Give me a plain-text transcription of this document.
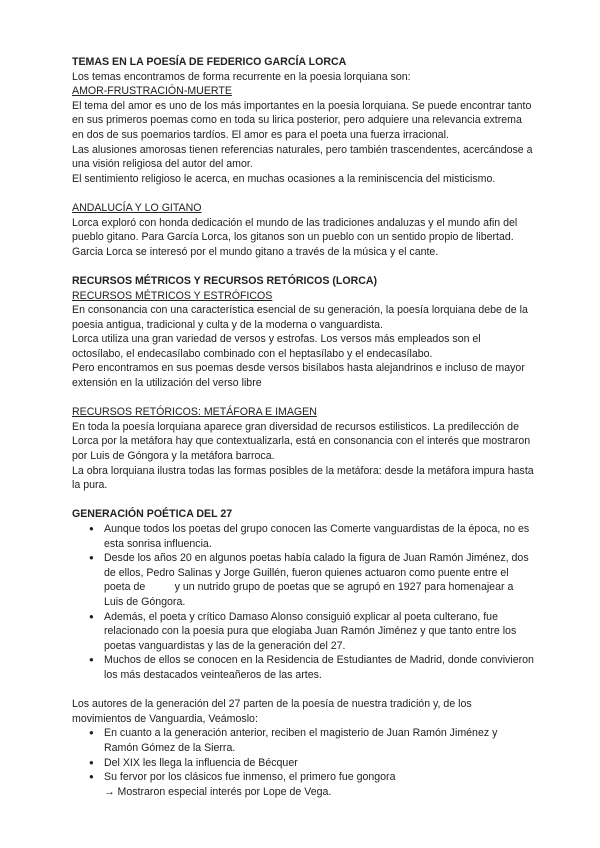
TEMAS EN LA POESÍA DE FEDERICO GARCÍA LORCA

Los temas encontramos de forma recurrente en la poesia lorquiana son:

AMOR-FRUSTRACIÓN-MUERTE

El tema del amor es uno de los más importantes en la poesia lorquiana. Se puede encontrar tanto en sus primeros poemas como en toda su lirica posterior, pero adquiere una relevancia extrema en dos de sus poemarios tardíos. El amor es para el poeta una fuerza irracional.

Las alusiones amorosas tienen referencias naturales, pero también trascendentes, acercándose a una visión religiosa del autor del amor.

El sentimiento religioso le acerca, en muchas ocasiones a la reminiscencia del misticismo.

ANDALUCÍA Y LO GITANO

Lorca exploró con honda dedicación el mundo de las tradiciones andaluzas y el mundo afin del pueblo gitano. Para García Lorca, los gitanos son un pueblo con un sentido propio de libertad. Garcia Lorca se interesó por el mundo gitano a través de la música y el cante.

RECURSOS MÉTRICOS Y RECURSOS RETÓRICOS (LORCA)

RECURSOS MÉTRICOS Y ESTRÓFICOS

En consonancia con una característica esencial de su generación, la poesía lorquiana debe de la poesia antigua, tradicional y culta y de la moderna o vanguardista.

Lorca utiliza una gran variedad de versos y estrofas. Los versos más empleados son el octosílabo, el endecasílabo combinado con el heptasílabo y el endecasílabo.

Pero encontramos en sus poemas desde versos bisílabos hasta alejandrinos e incluso de mayor extensión en la utilización del verso libre

RECURSOS RETÓRICOS: METÁFORA E IMAGEN

En toda la poesía lorquiana aparece gran diversidad de recursos estilisticos. La predilección de Lorca por la metáfora hay que contextualizarla, está en consonancia con el interés que mostraron por Luis de Góngora y la metáfora barroca.

La obra lorquiana ilustra todas las formas posibles de la metáfora: desde la metáfora impura hasta la pura.

GENERACIÓN POÉTICA DEL 27

● Aunque todos los poetas del grupo conocen las Comerte vanguardistas de la época, no es esta sonrisa influencia.
● Desde los años 20 en algunos poetas había calado la figura de Juan Ramón Jiménez, dos de ellos, Pedro Salinas y Jorge Guillén, fueron quienes actuaron como puente entre el poeta de          y un nutrido grupo de poetas que se agrupó en 1927 para homenajear a Luis de Góngora.
● Además, el poeta y crítico Damaso Alonso consiguió explicar al poeta culterano, fue relacionado con la poesia pura que elogiaba Juan Ramón Jiménez y que tanto entre los poetas vanguardistas y las de la generación del 27.
● Muchos de ellos se conocen en la Residencia de Estudiantes de Madrid, donde convivieron los más destacados veinteañeros de las artes.

Los autores de la generación del 27 parten de la poesía de nuestra tradición y, de los movimientos de Vanguardia, Veámoslo:

● En cuanto a la generación anterior, reciben el magisterio de Juan Ramón Jiménez y Ramón Gómez de la Sierra.
● Del XIX les llega la influencia de Bécquer
● Su fervor por los clásicos fue inmenso, el primero fue gongora

→ Mostraron especial interés por Lope de Vega.
